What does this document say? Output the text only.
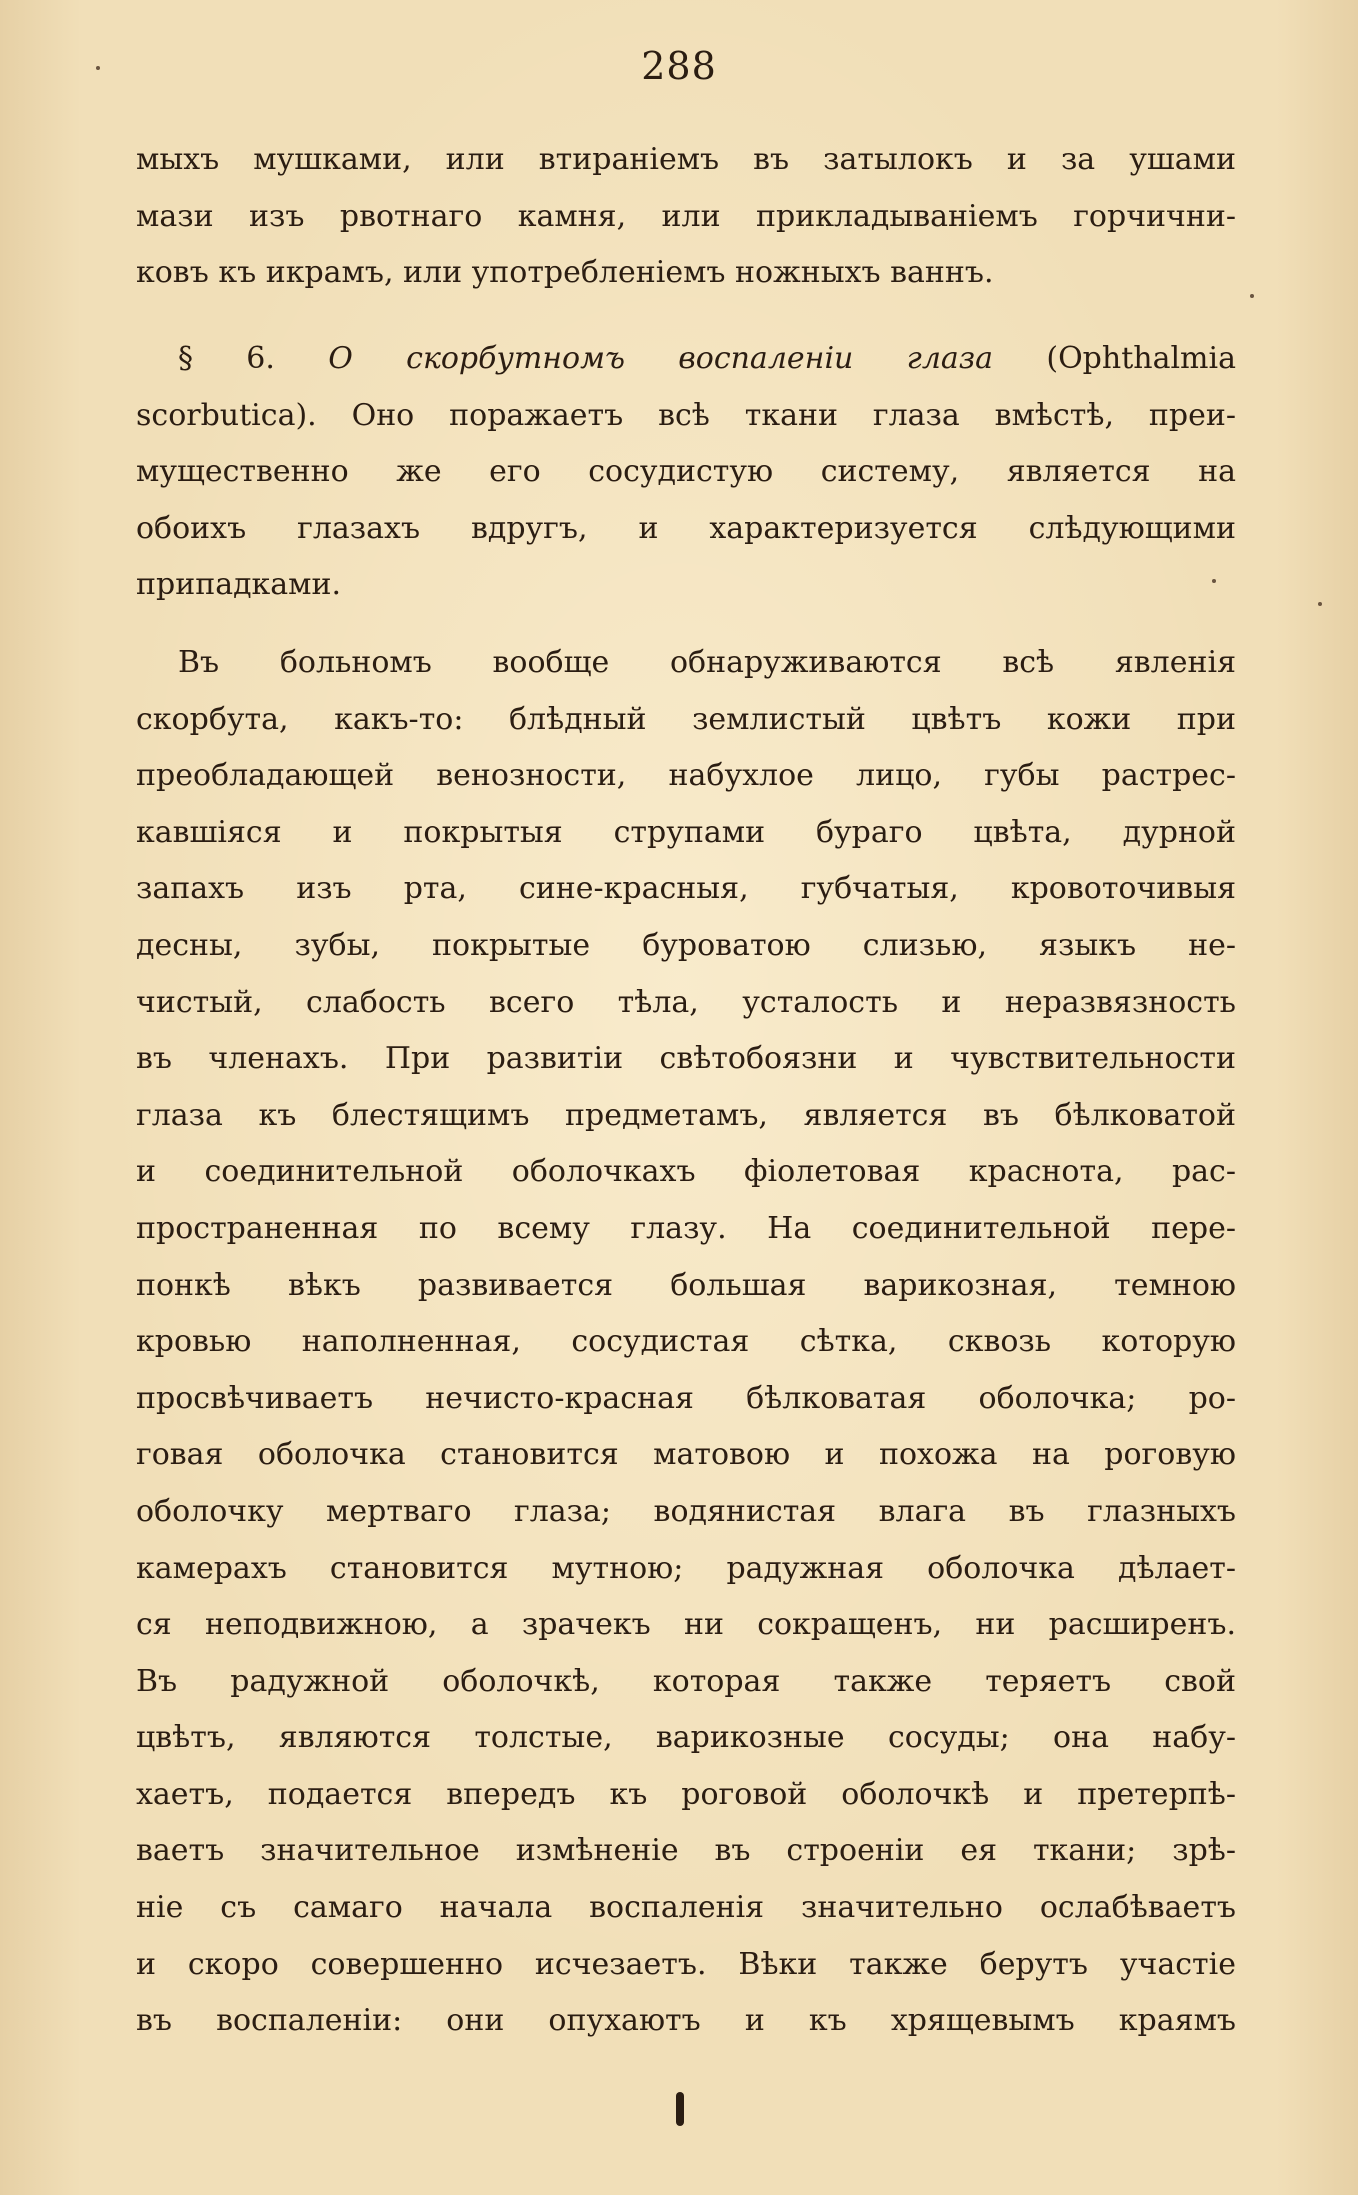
288
мыхъ мушками, или втираніемъ въ затылокъ и за ушами
мази изъ рвотнаго камня, или прикладываніемъ горчични-
ковъ къ икрамъ, или употребленіемъ ножныхъ ваннъ.
§ 6. О скорбутномъ воспаленіи глаза (Ophthalmia
scorbutica). Оно поражаетъ всѣ ткани глаза вмѣстѣ, преи-
мущественно же его сосудистую систему, является на
обоихъ глазахъ вдругъ, и характеризуется слѣдующими
припадками.
Въ больномъ вообще обнаруживаются всѣ явленія
скорбута, какъ-то: блѣдный землистый цвѣтъ кожи при
преобладающей венозности, набухлое лицо, губы растрес-
кавшіяся и покрытыя струпами бураго цвѣта, дурной
запахъ изъ рта, сине-красныя, губчатыя, кровоточивыя
десны, зубы, покрытые буроватою слизью, языкъ не-
чистый, слабость всего тѣла, усталость и неразвязность
въ членахъ. При развитіи свѣтобоязни и чувствительности
глаза къ блестящимъ предметамъ, является въ бѣлковатой
и соединительной оболочкахъ фіолетовая краснота, рас-
пространенная по всему глазу. На соединительной пере-
понкѣ вѣкъ развивается большая варикозная, темною
кровью наполненная, сосудистая сѣтка, сквозь которую
просвѣчиваетъ нечисто-красная бѣлковатая оболочка; ро-
говая оболочка становится матовою и похожа на роговую
оболочку мертваго глаза; водянистая влага въ глазныхъ
камерахъ становится мутною; радужная оболочка дѣлает-
ся неподвижною, а зрачекъ ни сокращенъ, ни расширенъ.
Въ радужной оболочкѣ, которая также теряетъ свой
цвѣтъ, являются толстые, варикозные сосуды; она набу-
хаетъ, подается впередъ къ роговой оболочкѣ и претерпѣ-
ваетъ значительное измѣненіе въ строеніи ея ткани; зрѣ-
ніе съ самаго начала воспаленія значительно ослабѣваетъ
и скоро совершенно исчезаетъ. Вѣки также берутъ участіе
въ воспаленіи: они опухаютъ и къ хрящевымъ краямъ
